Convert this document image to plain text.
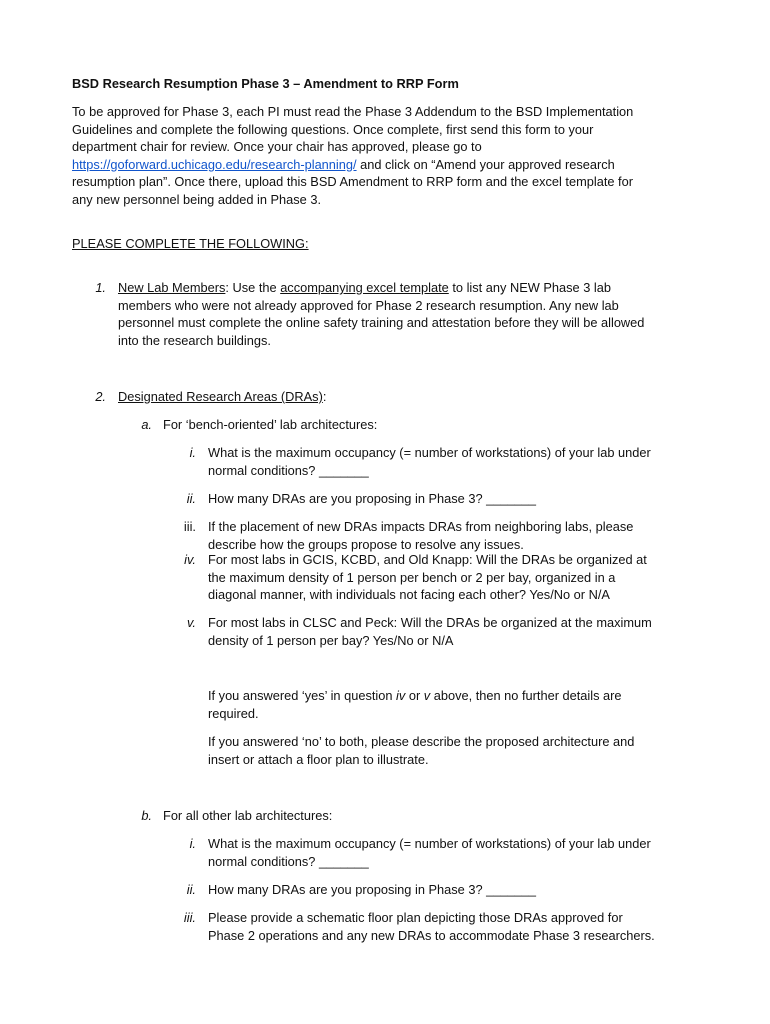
BSD Research Resumption Phase 3 – Amendment to RRP Form
To be approved for Phase 3, each PI must read the Phase 3 Addendum to the BSD Implementation
Guidelines and complete the following questions. Once complete, first send this form to your
department chair for review. Once your chair has approved, please go to
https://goforward.uchicago.edu/research-planning/ and click on “Amend your approved research
resumption plan”. Once there, upload this BSD Amendment to RRP form and the excel template for
any new personnel being added in Phase 3.
PLEASE COMPLETE THE FOLLOWING:
1. New Lab Members: Use the accompanying excel template to list any NEW Phase 3 lab
members who were not already approved for Phase 2 research resumption. Any new lab
personnel must complete the online safety training and attestation before they will be allowed
into the research buildings.
2. Designated Research Areas (DRAs):
a. For ‘bench-oriented’ lab architectures:
i. What is the maximum occupancy (= number of workstations) of your lab under
normal conditions? _______
ii. How many DRAs are you proposing in Phase 3? _______
iii. If the placement of new DRAs impacts DRAs from neighboring labs, please
describe how the groups propose to resolve any issues.
iv. For most labs in GCIS, KCBD, and Old Knapp: Will the DRAs be organized at
the maximum density of 1 person per bench or 2 per bay, organized in a
diagonal manner, with individuals not facing each other? Yes/No or N/A
v. For most labs in CLSC and Peck: Will the DRAs be organized at the maximum
density of 1 person per bay? Yes/No or N/A
If you answered ‘yes’ in question iv or v above, then no further details are
required.
If you answered ‘no’ to both, please describe the proposed architecture and
insert or attach a floor plan to illustrate.
b. For all other lab architectures:
i. What is the maximum occupancy (= number of workstations) of your lab under
normal conditions? _______
ii. How many DRAs are you proposing in Phase 3? _______
iii. Please provide a schematic floor plan depicting those DRAs approved for
Phase 2 operations and any new DRAs to accommodate Phase 3 researchers.
